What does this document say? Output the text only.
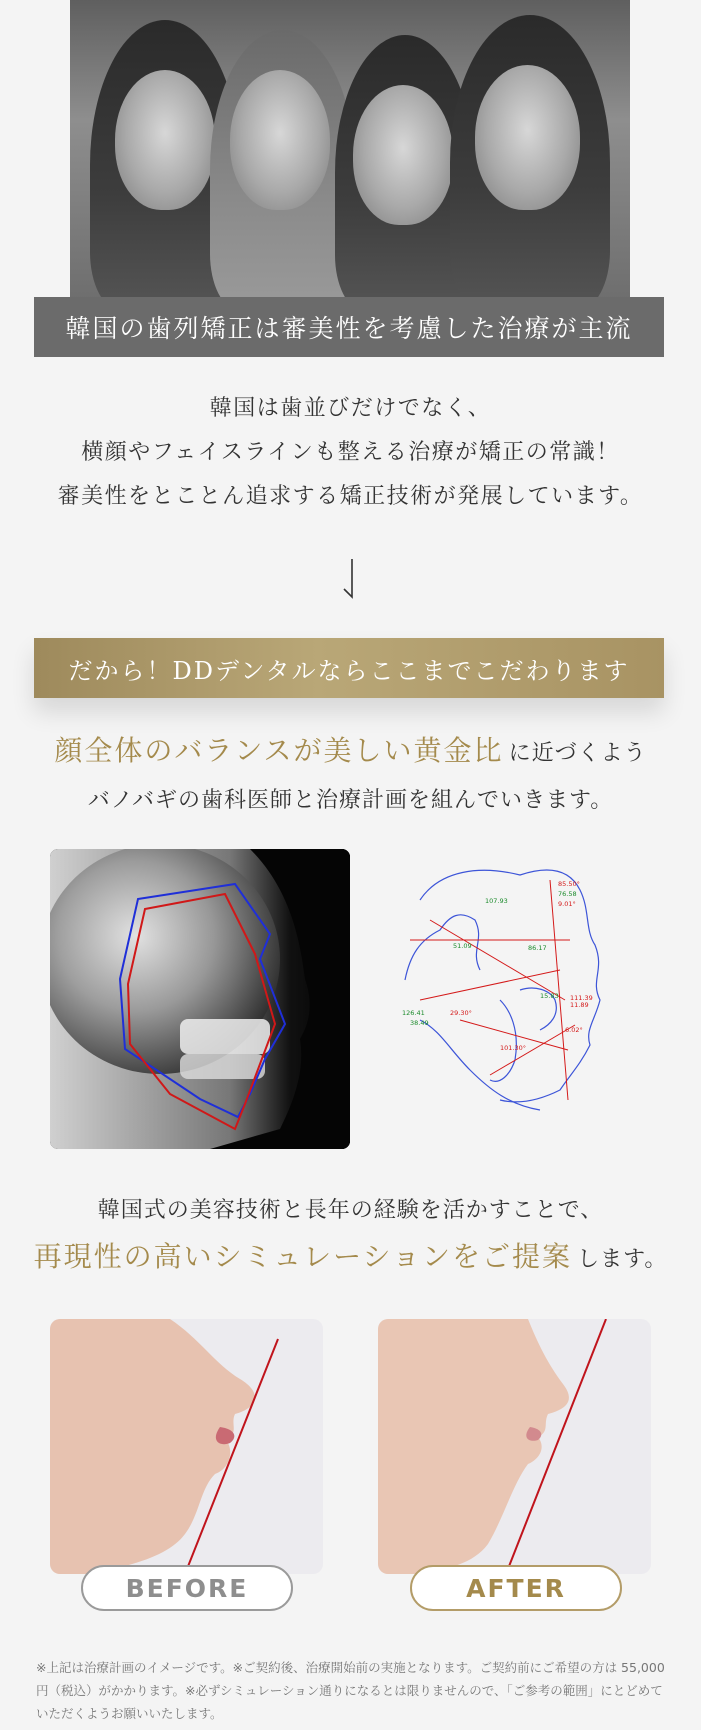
韓国の歯列矯正は審美性を考慮した治療が主流
韓国は歯並びだけでなく、
横顔やフェイスラインも整える治療が矯正の常識！
審美性をとことん追求する矯正技術が発展しています。
だから！DDデンタルならここまでこだわります
顔全体のバランスが美しい黄金比 に近づくよう
バノバギの歯科医師と治療計画を組んでいきます。
85.50°
76.58
9.01°
107.93
51.09	86.17
15.83 111.39
11.89
126.41	29.30°
38.49
6.02°
101.30°
韓国式の美容技術と長年の経験を活かすことで、
再現性の高いシミュレーションをご提案 します。
BEFORE	AFTER
※上記は治療計画のイメージです。※ご契約後、治療開始前の実施となります。ご契約前にご希望の方は 55,000 円（税込）がかかります。※必ずシミュレーション通りになるとは限りませんので、「ご参考の範囲」にとどめていただくようお願いいたします。
